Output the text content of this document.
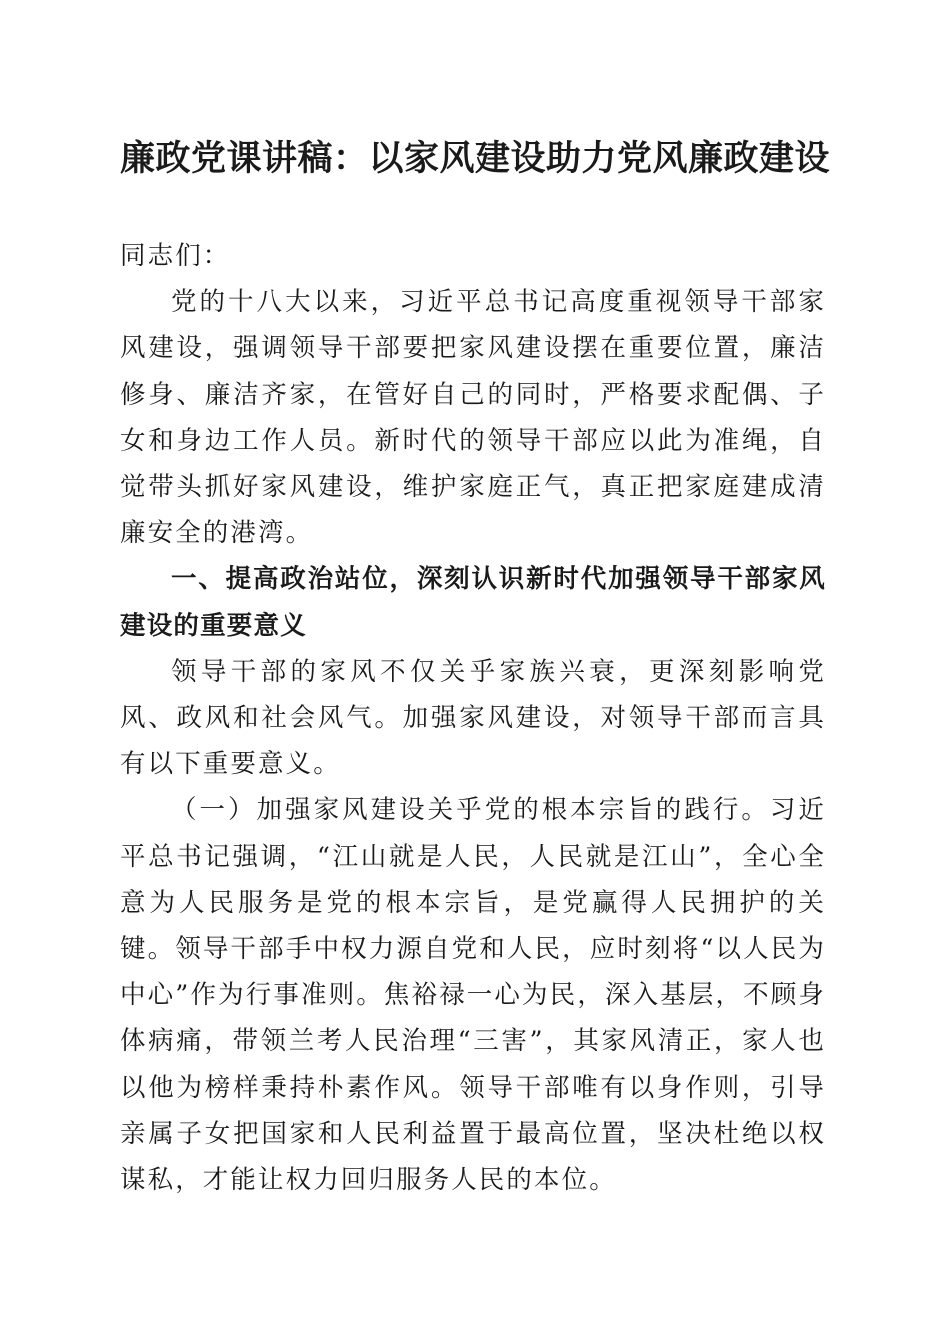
廉政党课讲稿：以家风建设助力党风廉政建设

同志们：

党的十八大以来，习近平总书记高度重视领导干部家风建设，强调领导干部要把家风建设摆在重要位置，廉洁修身、廉洁齐家，在管好自己的同时，严格要求配偶、子女和身边工作人员。新时代的领导干部应以此为准绳，自觉带头抓好家风建设，维护家庭正气，真正把家庭建成清廉安全的港湾。

一、提高政治站位，深刻认识新时代加强领导干部家风建设的重要意义

领导干部的家风不仅关乎家族兴衰，更深刻影响党风、政风和社会风气。加强家风建设，对领导干部而言具有以下重要意义。

（一）加强家风建设关乎党的根本宗旨的践行。习近平总书记强调，“江山就是人民，人民就是江山”，全心全意为人民服务是党的根本宗旨，是党赢得人民拥护的关键。领导干部手中权力源自党和人民，应时刻将“以人民为中心”作为行事准则。焦裕禄一心为民，深入基层，不顾身体病痛，带领兰考人民治理“三害”，其家风清正，家人也以他为榜样秉持朴素作风。领导干部唯有以身作则，引导亲属子女把国家和人民利益置于最高位置，坚决杜绝以权谋私，才能让权力回归服务人民的本位。
